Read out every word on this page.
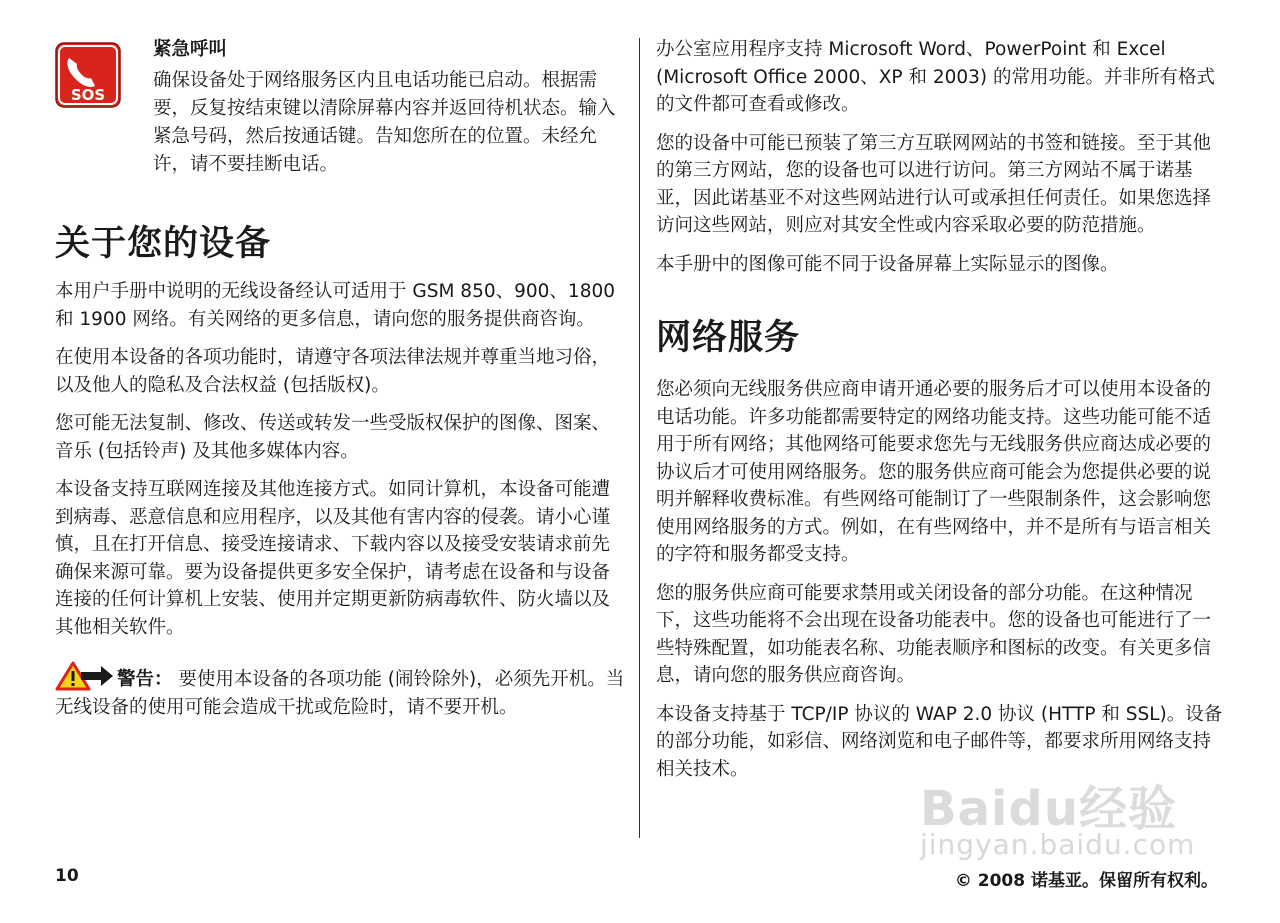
SOS
紧急呼叫
确保设备处于网络服务区内且电话功能已启动。根据需要，反复按结束键以清除屏幕内容并返回待机状态。输入紧急号码，然后按通话键。告知您所在的位置。未经允许，请不要挂断电话。
关于您的设备

本用户手册中说明的无线设备经认可适用于 GSM 850、900、1800 和 1900 网络。有关网络的更多信息，请向您的服务提供商咨询。

在使用本设备的各项功能时，请遵守各项法律法规并尊重当地习俗，以及他人的隐私及合法权益 (包括版权)。

您可能无法复制、修改、传送或转发一些受版权保护的图像、图案、音乐 (包括铃声) 及其他多媒体内容。

本设备支持互联网连接及其他连接方式。如同计算机，本设备可能遭到病毒、恶意信息和应用程序，以及其他有害内容的侵袭。请小心谨慎，且在打开信息、接受连接请求、下载内容以及接受安装请求前先确保来源可靠。要为设备提供更多安全保护，请考虑在设备和与设备连接的任何计算机上安装、使用并定期更新防病毒软件、防火墙以及其他相关软件。

警告： 要使用本设备的各项功能 (闹铃除外)，必须先开机。当无线设备的使用可能会造成干扰或危险时，请不要开机。

办公室应用程序支持 Microsoft Word、PowerPoint 和 Excel (Microsoft Office 2000、XP 和 2003) 的常用功能。并非所有格式的文件都可查看或修改。

您的设备中可能已预装了第三方互联网网站的书签和链接。至于其他的第三方网站，您的设备也可以进行访问。第三方网站不属于诺基亚，因此诺基亚不对这些网站进行认可或承担任何责任。如果您选择访问这些网站，则应对其安全性或内容采取必要的防范措施。

本手册中的图像可能不同于设备屏幕上实际显示的图像。

网络服务

您必须向无线服务供应商申请开通必要的服务后才可以使用本设备的电话功能。许多功能都需要特定的网络功能支持。这些功能可能不适用于所有网络；其他网络可能要求您先与无线服务供应商达成必要的协议后才可使用网络服务。您的服务供应商可能会为您提供必要的说明并解释收费标准。有些网络可能制订了一些限制条件，这会影响您使用网络服务的方式。例如，在有些网络中，并不是所有与语言相关的字符和服务都受支持。

您的服务供应商可能要求禁用或关闭设备的部分功能。在这种情况下，这些功能将不会出现在设备功能表中。您的设备也可能进行了一些特殊配置，如功能表名称、功能表顺序和图标的改变。有关更多信息，请向您的服务供应商咨询。

本设备支持基于 TCP/IP 协议的 WAP 2.0 协议 (HTTP 和 SSL)。设备的部分功能，如彩信、网络浏览和电子邮件等，都要求所用网络支持相关技术。

Baidu经验
jingyan.baidu.com
10	© 2008 诺基亚。保留所有权利。
